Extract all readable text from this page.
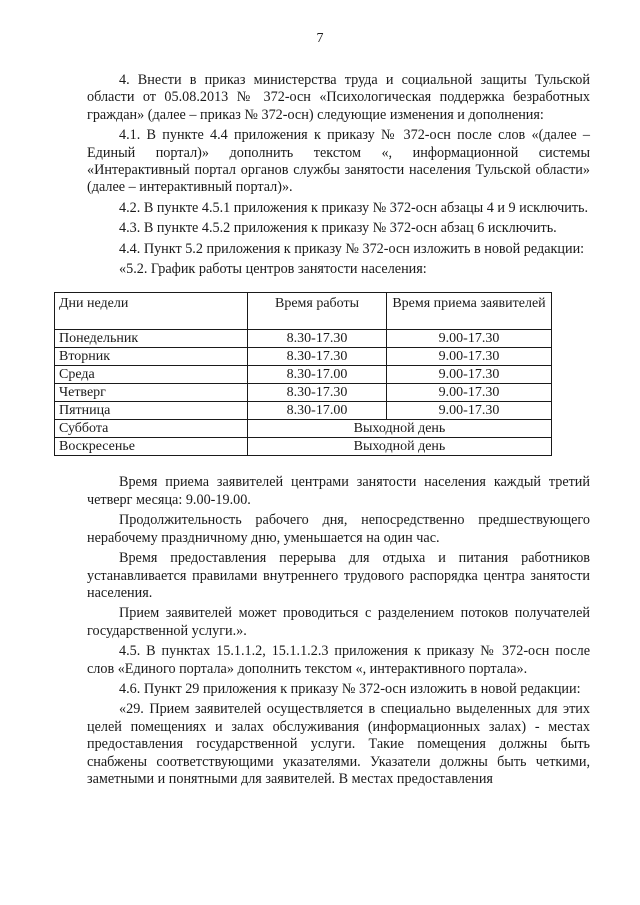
7

4. Внести в приказ министерства труда и социальной защиты Тульской области от 05.08.2013 № 372-осн «Психологическая поддержка безработных граждан» (далее – приказ № 372-осн) следующие изменения и дополнения:

4.1. В пункте 4.4 приложения к приказу № 372-осн после слов «(далее – Единый портал)» дополнить текстом «, информационной системы «Интерактивный портал органов службы занятости населения Тульской области» (далее – интерактивный портал)».

4.2. В пункте 4.5.1 приложения к приказу № 372-осн абзацы 4 и 9 исключить.

4.3. В пункте 4.5.2 приложения к приказу № 372-осн абзац 6 исключить.

4.4. Пункт 5.2 приложения к приказу № 372-осн изложить в новой редакции:

«5.2. График работы центров занятости населения:

Дни недели	Время работы	Время приема заявителей
Понедельник	8.30-17.30	9.00-17.30
Вторник	8.30-17.30	9.00-17.30
Среда	8.30-17.00	9.00-17.30
Четверг	8.30-17.30	9.00-17.30
Пятница	8.30-17.00	9.00-17.30
Суббота	Выходной день	
Воскресенье	Выходной день	

Время приема заявителей центрами занятости населения каждый третий четверг месяца: 9.00-19.00.

Продолжительность рабочего дня, непосредственно предшествующего нерабочему праздничному дню, уменьшается на один час.

Время предоставления перерыва для отдыха и питания работников устанавливается правилами внутреннего трудового распорядка центра занятости населения.

Прием заявителей может проводиться с разделением потоков получателей государственной услуги.».

4.5. В пунктах 15.1.1.2, 15.1.1.2.3 приложения к приказу № 372-осн после слов «Единого портала» дополнить текстом «, интерактивного портала».

4.6. Пункт 29 приложения к приказу № 372-осн изложить в новой редакции:

«29. Прием заявителей осуществляется в специально выделенных для этих целей помещениях и залах обслуживания (информационных залах) - местах предоставления государственной услуги. Такие помещения должны быть снабжены соответствующими указателями. Указатели должны быть четкими, заметными и понятными для заявителей. В местах предоставления
